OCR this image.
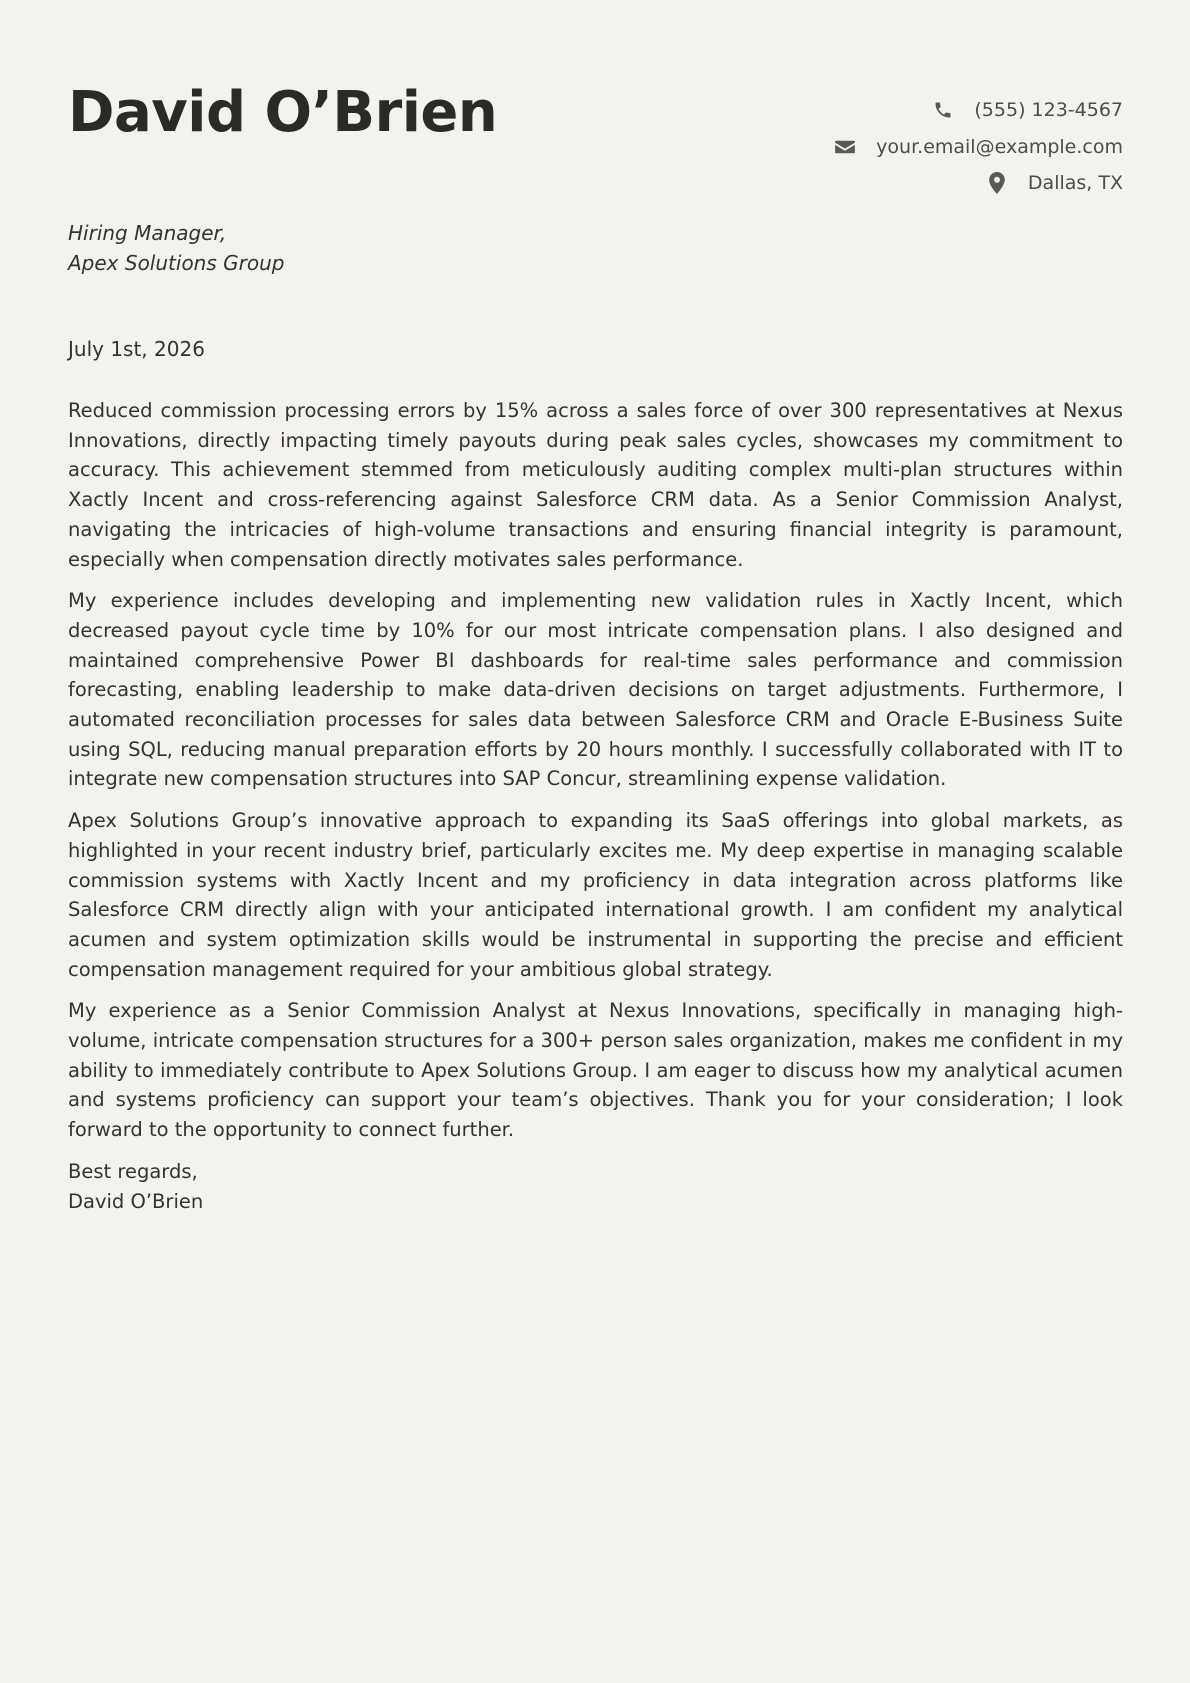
David O’Brien	(555) 123-4567
your.email@example.com
Dallas, TX
Hiring Manager,
Apex Solutions Group
July 1st, 2026

Reduced commission processing errors by 15% across a sales force of over 300 representatives at Nexus Innovations, directly impacting timely payouts during peak sales cycles, showcases my commitment to accuracy. This achievement stemmed from meticulously auditing complex multi-plan structures within Xactly Incent and cross-referencing against Salesforce CRM data. As a Senior Commission Analyst, navigating the intricacies of high-volume transactions and ensuring financial integrity is paramount, especially when compensation directly motivates sales performance.

My experience includes developing and implementing new validation rules in Xactly Incent, which decreased payout cycle time by 10% for our most intricate compensation plans. I also designed and maintained comprehensive Power BI dashboards for real-time sales performance and commission forecasting, enabling leadership to make data-driven decisions on target adjustments. Furthermore, I automated reconciliation processes for sales data between Salesforce CRM and Oracle E-Business Suite using SQL, reducing manual preparation efforts by 20 hours monthly. I successfully collaborated with IT to integrate new compensation structures into SAP Concur, streamlining expense validation.

Apex Solutions Group’s innovative approach to expanding its SaaS offerings into global markets, as highlighted in your recent industry brief, particularly excites me. My deep expertise in managing scalable commission systems with Xactly Incent and my proficiency in data integration across platforms like Salesforce CRM directly align with your anticipated international growth. I am confident my analytical acumen and system optimization skills would be instrumental in supporting the precise and efficient compensation management required for your ambitious global strategy.

My experience as a Senior Commission Analyst at Nexus Innovations, specifically in managing high-volume, intricate compensation structures for a 300+ person sales organization, makes me confident in my ability to immediately contribute to Apex Solutions Group. I am eager to discuss how my analytical acumen and systems proficiency can support your team’s objectives. Thank you for your consideration; I look forward to the opportunity to connect further.

Best regards,
David O’Brien
